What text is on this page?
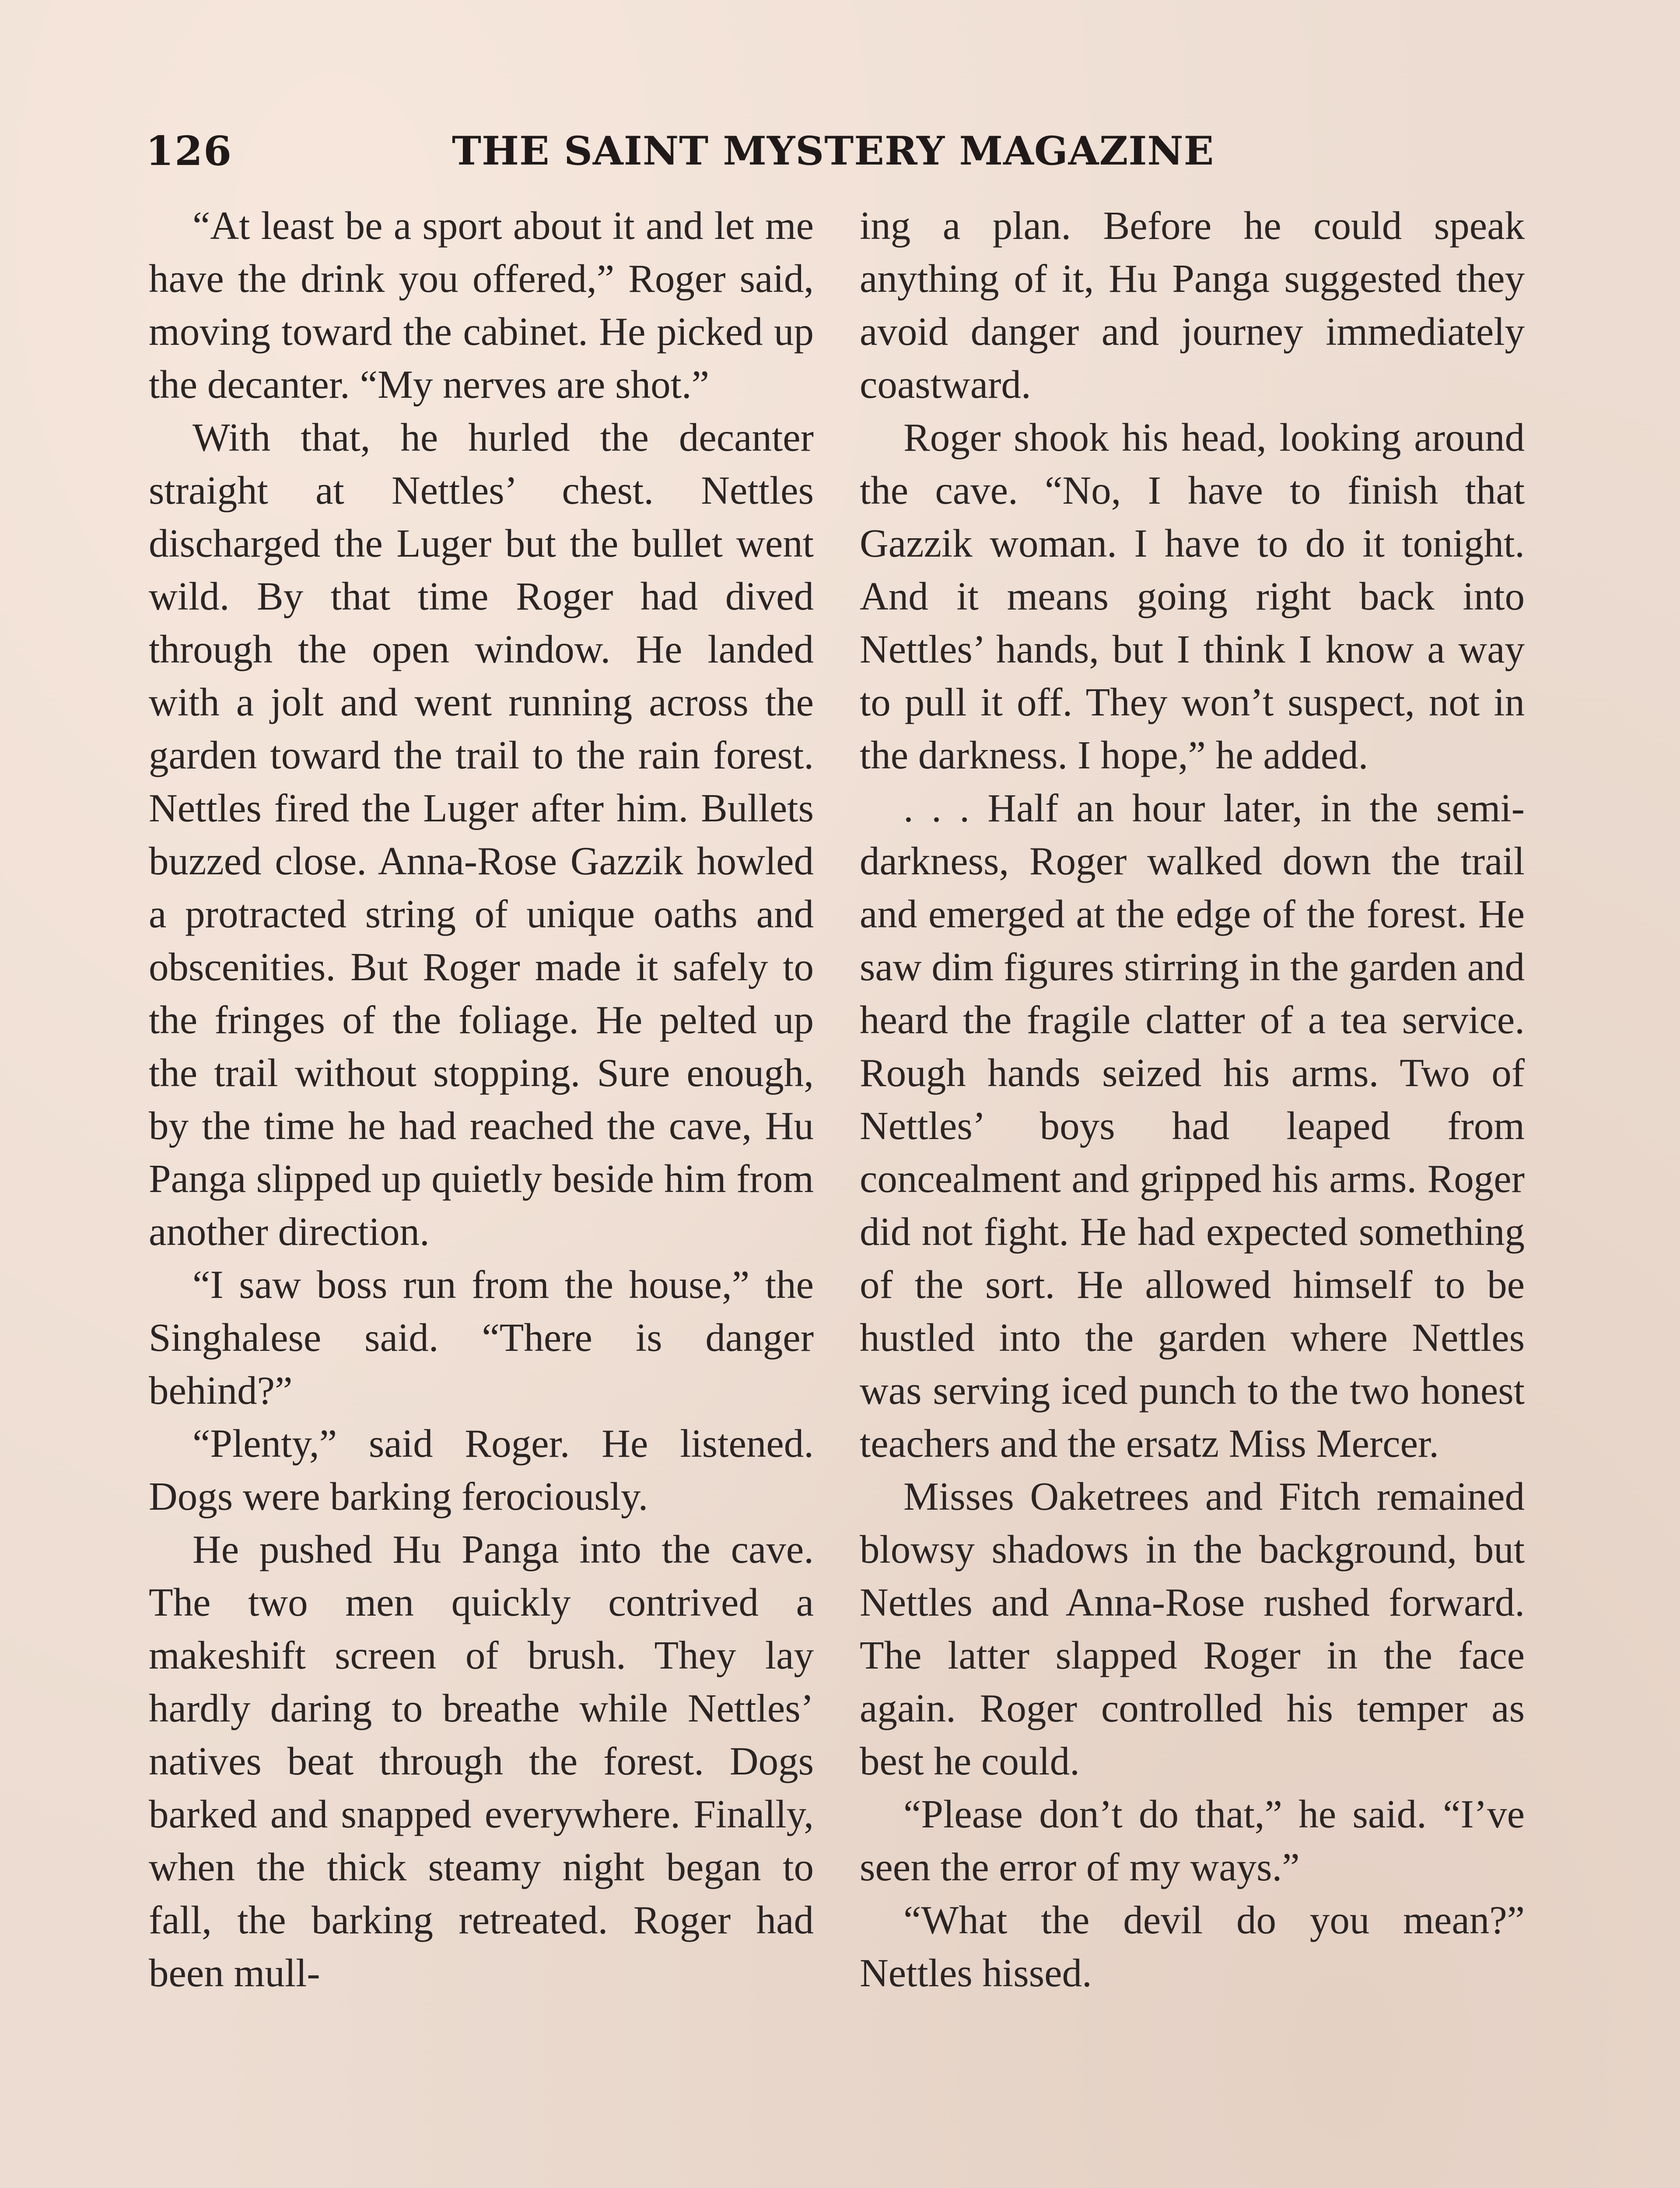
126	THE SAINT MYSTERY MAGAZINE

“At least be a sport about it and let me have the drink you offered,” Roger said, moving toward the cabinet. He picked up the decanter. “My nerves are shot.”

With that, he hurled the decanter straight at Nettles’ chest. Nettles discharged the Luger but the bullet went wild. By that time Roger had dived through the open window. He landed with a jolt and went running across the garden toward the trail to the rain forest. Nettles fired the Luger after him. Bullets buzzed close. Anna-Rose Gazzik howled a protracted string of unique oaths and obscenities. But Roger made it safely to the fringes of the foliage. He pelted up the trail without stopping. Sure enough, by the time he had reached the cave, Hu Panga slipped up quietly beside him from another direction.

“I saw boss run from the house,” the Singhalese said. “There is danger behind?”

“Plenty,” said Roger. He listened. Dogs were barking ferociously.

He pushed Hu Panga into the cave. The two men quickly contrived a makeshift screen of brush. They lay hardly daring to breathe while Nettles’ natives beat through the forest. Dogs barked and snapped everywhere. Finally, when the thick steamy night began to fall, the barking retreated. Roger had been mull-

ing a plan. Before he could speak anything of it, Hu Panga suggested they avoid danger and journey immediately coastward.

Roger shook his head, looking around the cave. “No, I have to finish that Gazzik woman. I have to do it tonight. And it means going right back into Nettles’ hands, but I think I know a way to pull it off. They won’t suspect, not in the darkness. I hope,” he added.

. . . Half an hour later, in the semi-darkness, Roger walked down the trail and emerged at the edge of the forest. He saw dim figures stirring in the garden and heard the fragile clatter of a tea service. Rough hands seized his arms. Two of Nettles’ boys had leaped from concealment and gripped his arms. Roger did not fight. He had expected something of the sort. He allowed himself to be hustled into the garden where Nettles was serving iced punch to the two honest teachers and the ersatz Miss Mercer.

Misses Oaketrees and Fitch remained blowsy shadows in the background, but Nettles and Anna-Rose rushed forward. The latter slapped Roger in the face again. Roger controlled his temper as best he could.

“Please don’t do that,” he said. “I’ve seen the error of my ways.”

“What the devil do you mean?” Nettles hissed.
